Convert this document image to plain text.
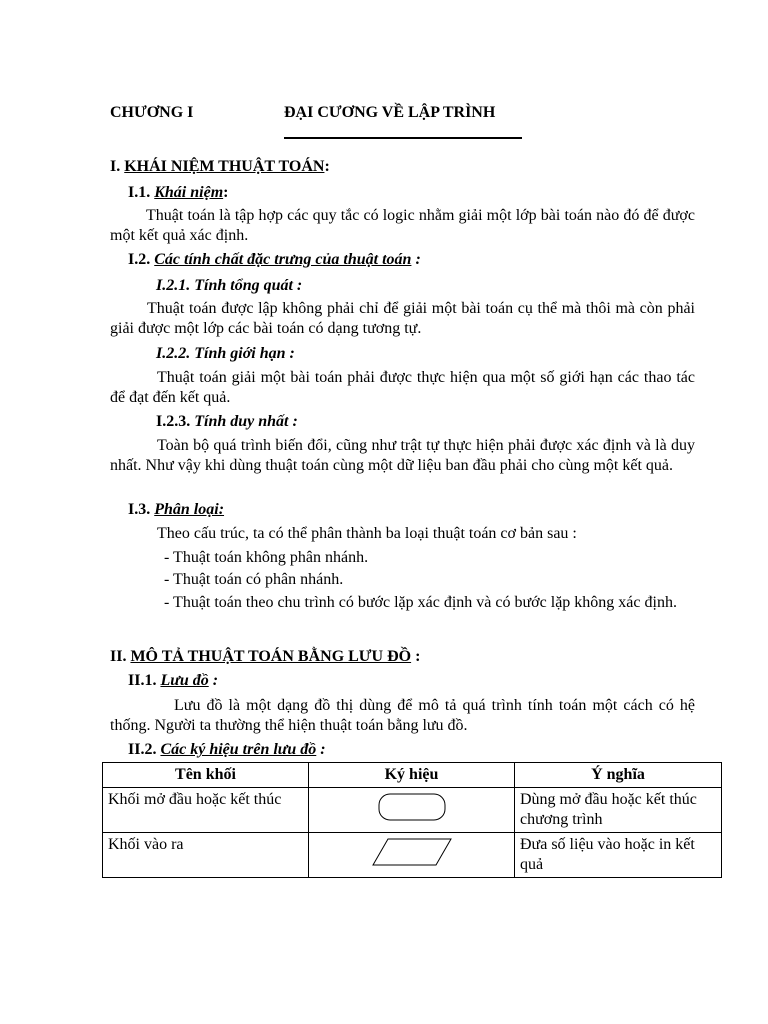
CHƯƠNG I	ĐẠI CƯƠNG VỀ LẬP TRÌNH
I. KHÁI NIỆM THUẬT TOÁN:
I.1. Khái niệm:
Thuật toán là tập hợp các quy tắc có logic nhằm giải một lớp bài toán nào đó để được một kết quả xác định.
I.2. Các tính chất đặc trưng của thuật toán :
I.2.1. Tính tổng quát :
Thuật toán được lập không phải chỉ để giải một bài toán cụ thể mà thôi mà còn phải giải được một lớp các bài toán có dạng tương tự.
I.2.2. Tính giới hạn :
Thuật toán giải một bài toán phải được thực hiện qua một số giới hạn các thao tác để đạt đến kết quả.
I.2.3. Tính duy nhất :
Toàn bộ quá trình biến đổi, cũng như trật tự thực hiện phải được xác định và là duy nhất. Như vậy khi dùng thuật toán cùng một dữ liệu ban đầu phải cho cùng một kết quả.
I.3. Phân loại:
Theo cấu trúc, ta có thể phân thành ba loại thuật toán cơ bản sau :
- Thuật toán không phân nhánh.
- Thuật toán có phân nhánh.
- Thuật toán theo chu trình có bước lặp xác định và có bước lặp không xác định.
II. MÔ TẢ THUẬT TOÁN BẰNG LƯU ĐỒ :
II.1. Lưu đồ :
Lưu đồ là một dạng đồ thị dùng để mô tả quá trình tính toán một cách có hệ thống. Người ta thường thể hiện thuật toán bằng lưu đồ.
II.2. Các ký hiệu trên lưu đồ :
Tên khối	Ký hiệu	Ý nghĩa
Khối mở đầu hoặc kết thúc		Dùng mở đầu hoặc kết thúc chương trình
Khối vào ra		Đưa số liệu vào hoặc in kết quả
